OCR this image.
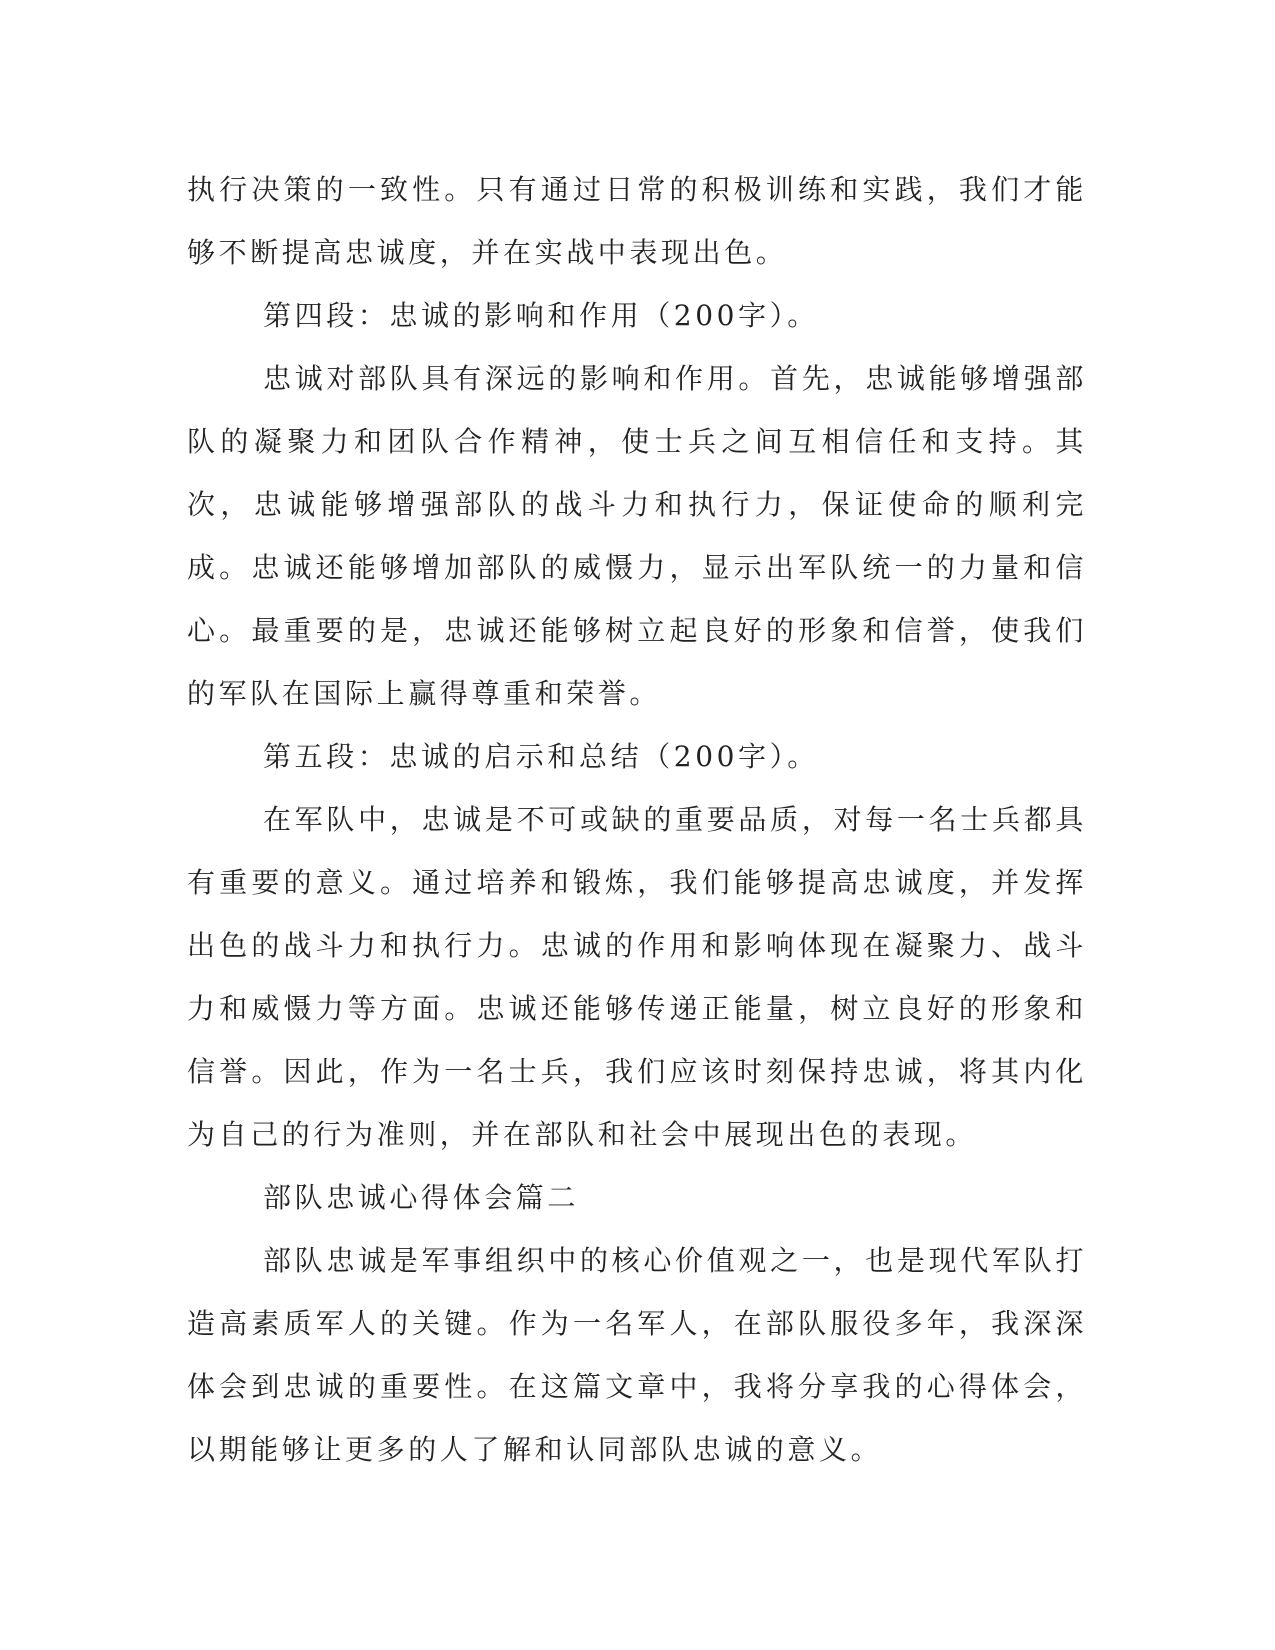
执行决策的一致性。只有通过日常的积极训练和实践，我们才能够不断提高忠诚度，并在实战中表现出色。

第四段：忠诚的影响和作用（200字）。

忠诚对部队具有深远的影响和作用。首先，忠诚能够增强部队的凝聚力和团队合作精神，使士兵之间互相信任和支持。其次，忠诚能够增强部队的战斗力和执行力，保证使命的顺利完成。忠诚还能够增加部队的威慑力，显示出军队统一的力量和信心。最重要的是，忠诚还能够树立起良好的形象和信誉，使我们的军队在国际上赢得尊重和荣誉。

第五段：忠诚的启示和总结（200字）。

在军队中，忠诚是不可或缺的重要品质，对每一名士兵都具有重要的意义。通过培养和锻炼，我们能够提高忠诚度，并发挥出色的战斗力和执行力。忠诚的作用和影响体现在凝聚力、战斗力和威慑力等方面。忠诚还能够传递正能量，树立良好的形象和信誉。因此，作为一名士兵，我们应该时刻保持忠诚，将其内化为自己的行为准则，并在部队和社会中展现出色的表现。

部队忠诚心得体会篇二

部队忠诚是军事组织中的核心价值观之一，也是现代军队打造高素质军人的关键。作为一名军人，在部队服役多年，我深深体会到忠诚的重要性。在这篇文章中，我将分享我的心得体会，以期能够让更多的人了解和认同部队忠诚的意义。
